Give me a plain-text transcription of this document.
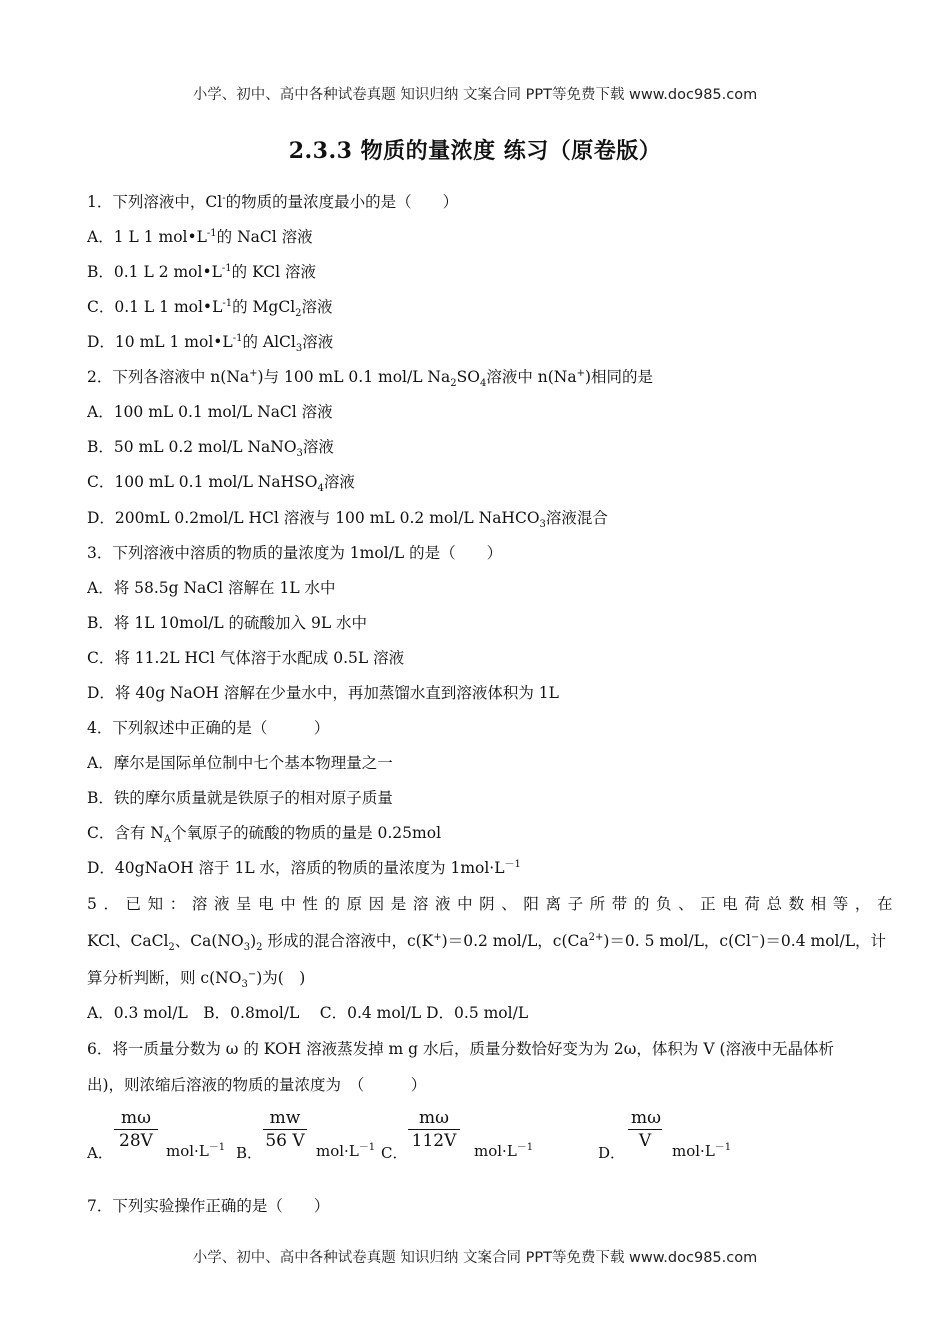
小学、初中、高中各种试卷真题 知识归纳 文案合同 PPT等免费下载 www.doc985.com
2.3.3 物质的量浓度 练习（原卷版）
1．下列溶液中，Cl-的物质的量浓度最小的是（　　）
A．1 L 1 $mol•L^{-1}$的 NaCl 溶液
B．0.1 L 2 $mol•L^{-1}$的 KCl 溶液
C．0.1 L 1 $mol•L^{-1}$的 MgCl$_2$溶液
D．10 mL 1 $mol•L^{-1}$的 AlCl$_3$溶液
2．下列各溶液中 n(Na+)与 100 mL 0.1 mol/L $Na_2SO_4$溶液中 n(Na+)相同的是
A．100 mL 0.1 mol/L NaCl 溶液
B．50 mL 0.2 mol/L NaNO$_3$溶液
C．100 mL 0.1 mol/L NaHSO$_4$溶液
D．200mL 0.2mol/L HCl 溶液与 100 mL 0.2 mol/L NaHCO$_3$溶液混合
3．下列溶液中溶质的物质的量浓度为 1mol/L 的是（　　）
A．将 58.5g NaCl 溶解在 1L 水中
B．将 1L 10mol/L 的硫酸加入 9L 水中
C．将 11.2L HCl 气体溶于水配成 0.5L 溶液
D．将 40g NaOH 溶解在少量水中，再加蒸馏水直到溶液体积为 1L
4．下列叙述中正确的是（　　　）
A．摩尔是国际单位制中七个基本物理量之一
B．铁的摩尔质量就是铁原子的相对原子质量
C．含有 $N_A$个氧原子的硫酸的物质的量是 0.25mol
D．40gNaOH 溶于 1L 水，溶质的物质的量浓度为 $1mol\cdot L^{-1}$
5．已知：溶液呈电中性的原因是溶液中阴、阳离子所带的负、正电荷总数相等，在
KCl、CaCl$_2$、$Ca(NO_3)_2$ 形成的混合溶液中，c(K+)＝0.2 mol/L，$c(Ca^{2+})=0$. 5 mol/L，c(Cl−)＝0.4 mol/L，计
算分析判断，则 $c(NO_3^-)$为(　)
A．0.3 mol/L　B．0.8mol/L　 C．0.4 mol/L D．0.5 mol/L
6．将一质量分数为 ω 的 KOH 溶液蒸发掉 m g 水后，质量分数恰好变为为 2ω，体积为 V (溶液中无晶体析
出)，则浓缩后溶液的物质的量浓度为　（　　　）
A．
$\frac{m\omega}{28V} mol\cdot L^{-1}$ B．
$\frac{mw}{56 V} mol\cdot L^{-1}$ C．
$\frac{m\omega}{112V} mol\cdot L^{-1}$	D．
$\frac{m\omega}{V} mol\cdot L^{-1}$
7．下列实验操作正确的是（　　）
小学、初中、高中各种试卷真题 知识归纳 文案合同 PPT等免费下载 www.doc985.com
